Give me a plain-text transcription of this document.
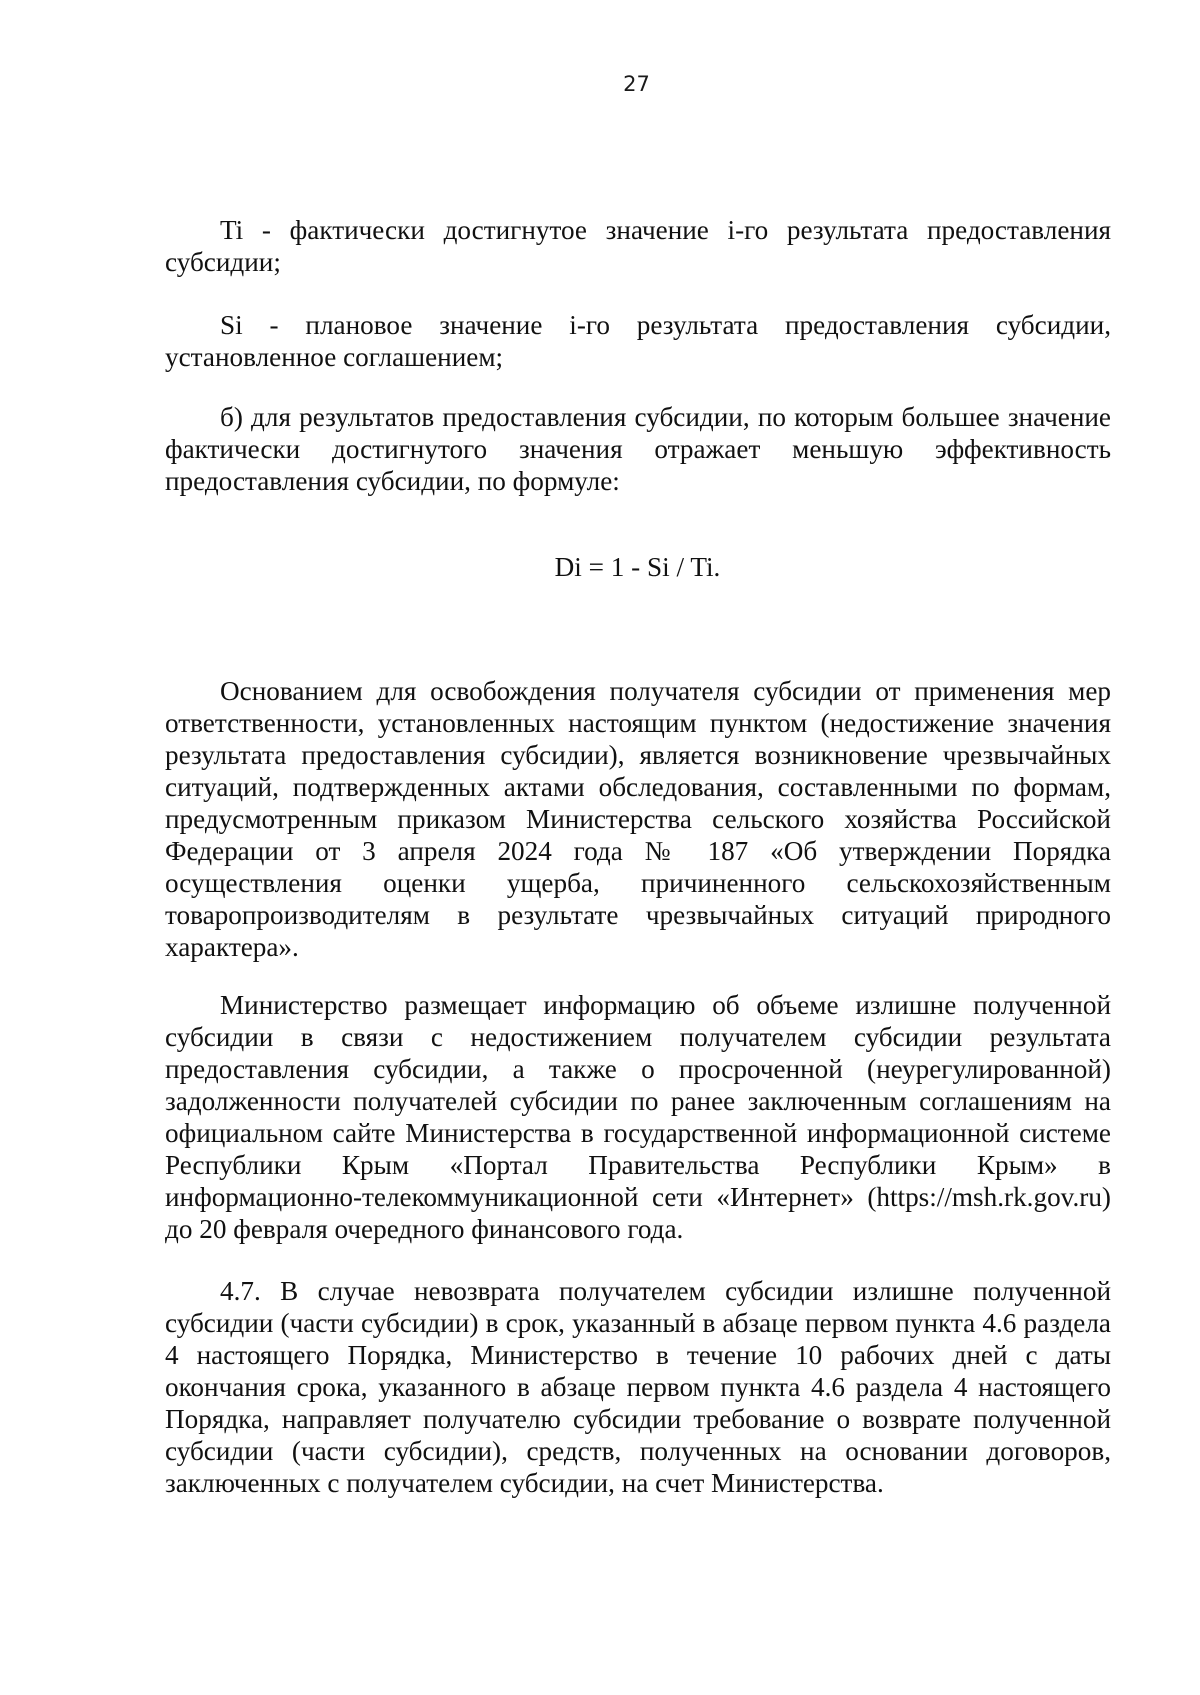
27

Ti - фактически достигнутое значение i-го результата предоставления субсидии;

Si - плановое значение i-го результата предоставления субсидии, установленное соглашением;

б) для результатов предоставления субсидии, по которым большее значение фактически достигнутого значения отражает меньшую эффективность предоставления субсидии, по формуле:

Di = 1 - Si / Ti.

Основанием для освобождения получателя субсидии от применения мер ответственности, установленных настоящим пунктом (недостижение значения результата предоставления субсидии), является возникновение чрезвычайных ситуаций, подтвержденных актами обследования, составленными по формам, предусмотренным приказом Министерства сельского хозяйства Российской Федерации от 3 апреля 2024 года № 187 «Об утверждении Порядка осуществления оценки ущерба, причиненного сельскохозяйственным товаропроизводителям в результате чрезвычайных ситуаций природного характера».

Министерство размещает информацию об объеме излишне полученной субсидии в связи с недостижением получателем субсидии результата предоставления субсидии, а также о просроченной (неурегулированной) задолженности получателей субсидии по ранее заключенным соглашениям на официальном сайте Министерства в государственной информационной системе Республики Крым «Портал Правительства Республики Крым» в информационно-телекоммуникационной сети «Интернет» (https://msh.rk.gov.ru) до 20 февраля очередного финансового года.

4.7. В случае невозврата получателем субсидии излишне полученной субсидии (части субсидии) в срок, указанный в абзаце первом пункта 4.6 раздела 4 настоящего Порядка, Министерство в течение 10 рабочих дней с даты окончания срока, указанного в абзаце первом пункта 4.6 раздела 4 настоящего Порядка, направляет получателю субсидии требование о возврате полученной субсидии (части субсидии), средств, полученных на основании договоров, заключенных с получателем субсидии, на счет Министерства.
